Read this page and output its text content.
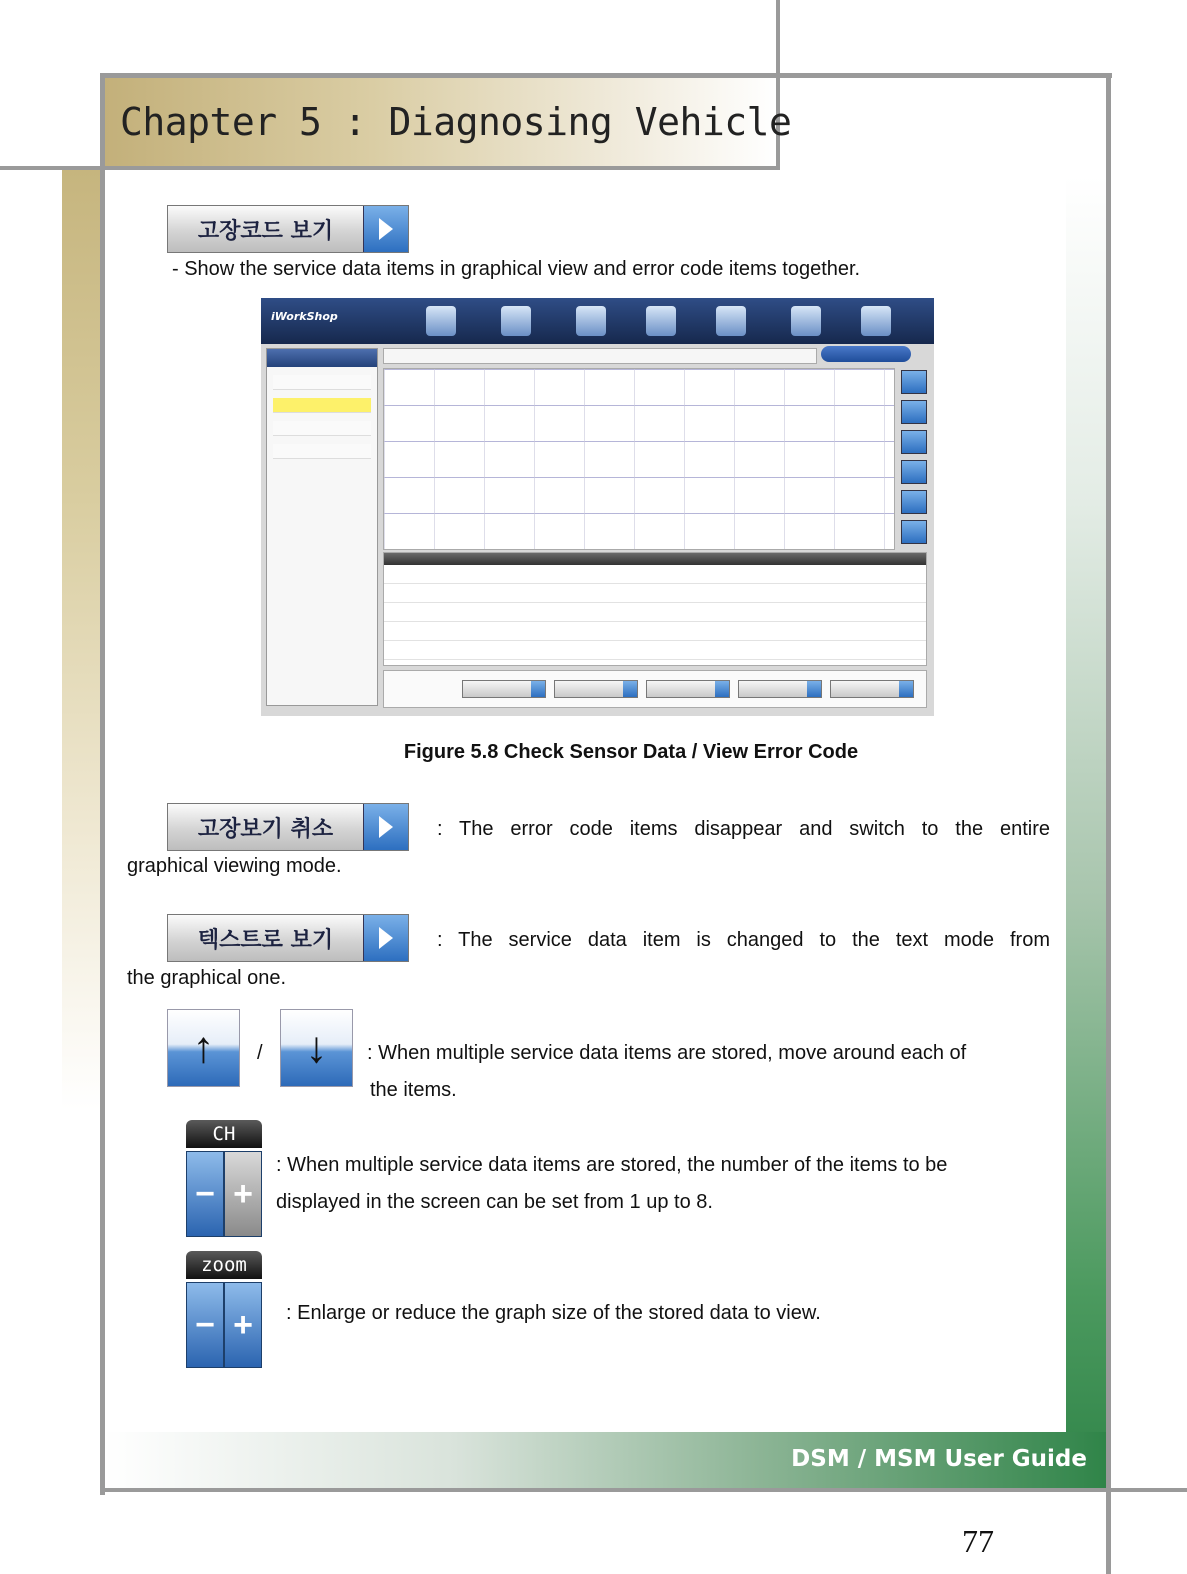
Chapter 5 : Diagnosing Vehicle
고장코드 보기
- Show the service data items in graphical view and error code items together.
iWorkShop
Figure 5.8 Check Sensor Data / View Error Code
고장보기 취소	: The error code items disappear and switch to the entire
graphical viewing mode.
텍스트로 보기	: The service data item is changed to the text mode from
the graphical one.
↑	/ ↓	: When multiple service data items are stored, move around each of
the items.
CH
− +
: When multiple service data items are stored, the number of the items to be
displayed in the screen can be set from 1 up to 8.
zoom
− +	: Enlarge or reduce the graph size of the stored data to view.
DSM / MSM User Guide
77
